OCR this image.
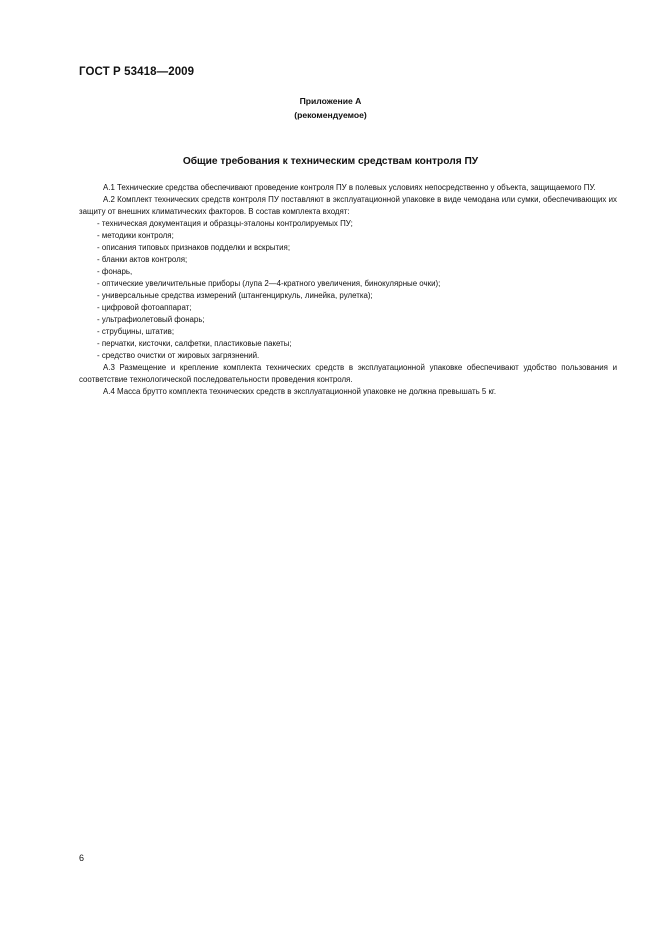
ГОСТ Р 53418—2009
Приложение А
(рекомендуемое)
Общие требования к техническим средствам контроля ПУ

А.1 Технические средства обеспечивают проведение контроля ПУ в полевых условиях непосредственно у объекта, защищаемого ПУ.

А.2 Комплект технических средств контроля ПУ поставляют в эксплуатационной упаковке в виде чемодана или сумки, обеспечивающих их защиту от внешних климатических факторов. В состав комплекта входят:

- техническая документация и образцы-эталоны контролируемых ПУ;
- методики контроля;
- описания типовых признаков подделки и вскрытия;
- бланки актов контроля;
- фонарь,
- оптические увеличительные приборы (лупа 2—4-кратного увеличения, бинокулярные очки);
- универсальные средства измерений (штангенциркуль, линейка, рулетка);
- цифровой фотоаппарат;
- ультрафиолетовый фонарь;
- струбцины, штатив;
- перчатки, кисточки, салфетки, пластиковые пакеты;
- средство очистки от жировых загрязнений.

А.3 Размещение и крепление комплекта технических средств в эксплуатационной упаковке обеспечивают удобство пользования и соответствие технологической последовательности проведения контроля.

А.4 Масса брутто комплекта технических средств в эксплуатационной упаковке не должна превышать 5 кг.

6
